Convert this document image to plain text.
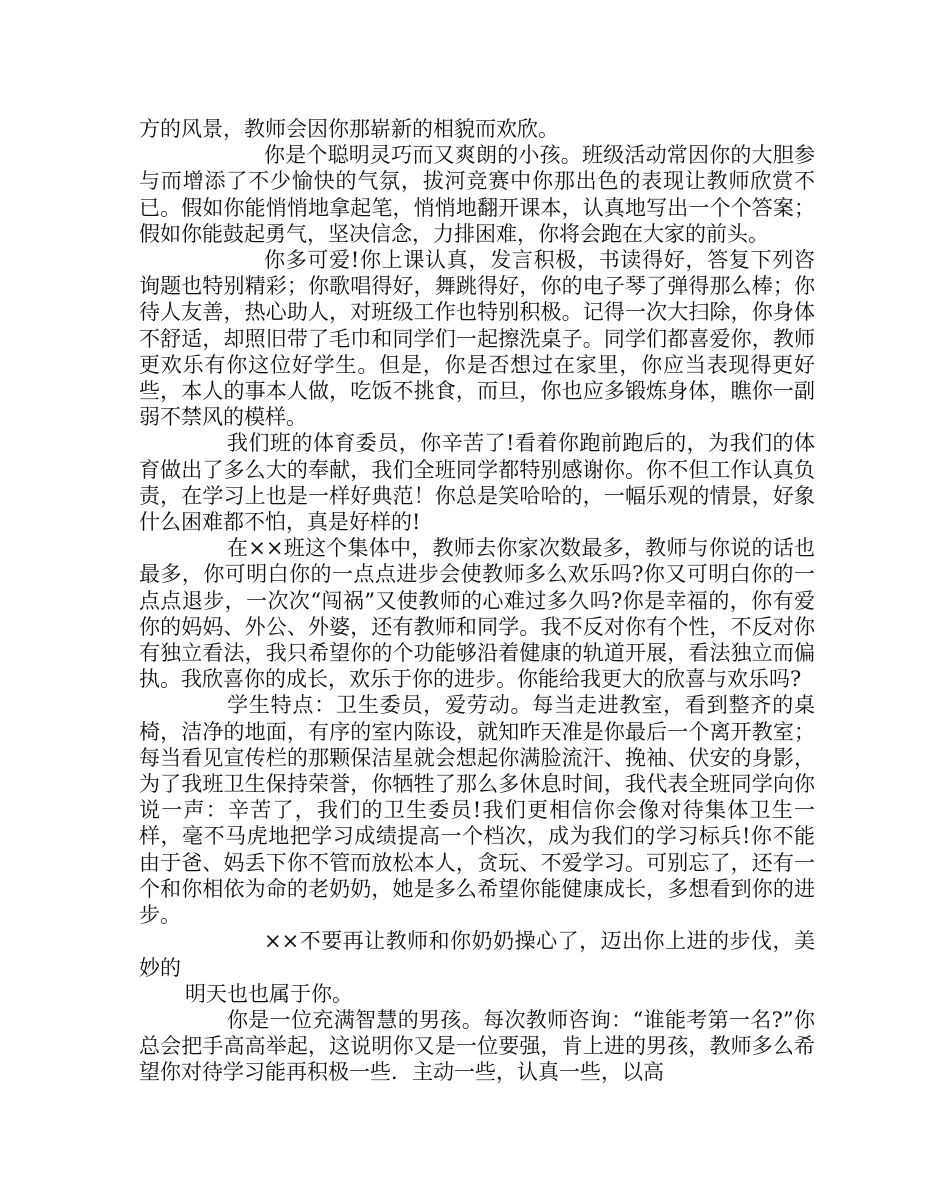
方的风景，教师会因你那崭新的相貌而欢欣。

你是个聪明灵巧而又爽朗的小孩。班级活动常因你的大胆参与而增添了不少愉快的气氛，拔河竞赛中你那出色的表现让教师欣赏不已。假如你能悄悄地拿起笔，悄悄地翻开课本，认真地写出一个个答案；假如你能鼓起勇气，坚决信念，力排困难，你将会跑在大家的前头。

你多可爱!你上课认真，发言积极，书读得好，答复下列咨询题也特别精彩；你歌唱得好，舞跳得好，你的电子琴了弹得那么棒；你待人友善，热心助人，对班级工作也特别积极。记得一次大扫除，你身体不舒适，却照旧带了毛巾和同学们一起擦洗桌子。同学们都喜爱你，教师更欢乐有你这位好学生。但是，你是否想过在家里，你应当表现得更好些，本人的事本人做，吃饭不挑食，而旦，你也应多锻炼身体，瞧你一副弱不禁风的模样。

我们班的体育委员，你辛苦了!看着你跑前跑后的，为我们的体育做出了多么大的奉献，我们全班同学都特别感谢你。你不但工作认真负责，在学习上也是一样好典范！你总是笑哈哈的，一幅乐观的情景，好象什么困难都不怕，真是好样的!

在××班这个集体中，教师去你家次数最多，教师与你说的话也最多，你可明白你的一点点进步会使教师多么欢乐吗?你又可明白你的一点点退步，一次次“闯祸”又使教师的心难过多久吗?你是幸福的，你有爱你的妈妈、外公、外婆，还有教师和同学。我不反对你有个性，不反对你有独立看法，我只希望你的个功能够沿着健康的轨道开展，看法独立而偏执。我欣喜你的成长，欢乐于你的进步。你能给我更大的欣喜与欢乐吗?

学生特点：卫生委员，爱劳动。每当走进教室，看到整齐的桌椅，洁净的地面，有序的室内陈设，就知昨天准是你最后一个离开教室；每当看见宣传栏的那颗保洁星就会想起你满脸流汗、挽袖、伏安的身影，为了我班卫生保持荣誉，你牺牲了那么多休息时间，我代表全班同学向你说一声：辛苦了，我们的卫生委员!我们更相信你会像对待集体卫生一样，毫不马虎地把学习成绩提高一个档次，成为我们的学习标兵!你不能由于爸、妈丢下你不管而放松本人，贪玩、不爱学习。可别忘了，还有一个和你相依为命的老奶奶，她是多么希望你能健康成长，多想看到你的进步。

××不要再让教师和你奶奶操心了，迈出你上进的步伐，美妙的

明天也也属于你。

你是一位充满智慧的男孩。每次教师咨询：“谁能考第一名?”你总会把手高高举起，这说明你又是一位要强，肯上进的男孩，教师多么希望你对待学习能再积极一些．主动一些，认真一些，以高
